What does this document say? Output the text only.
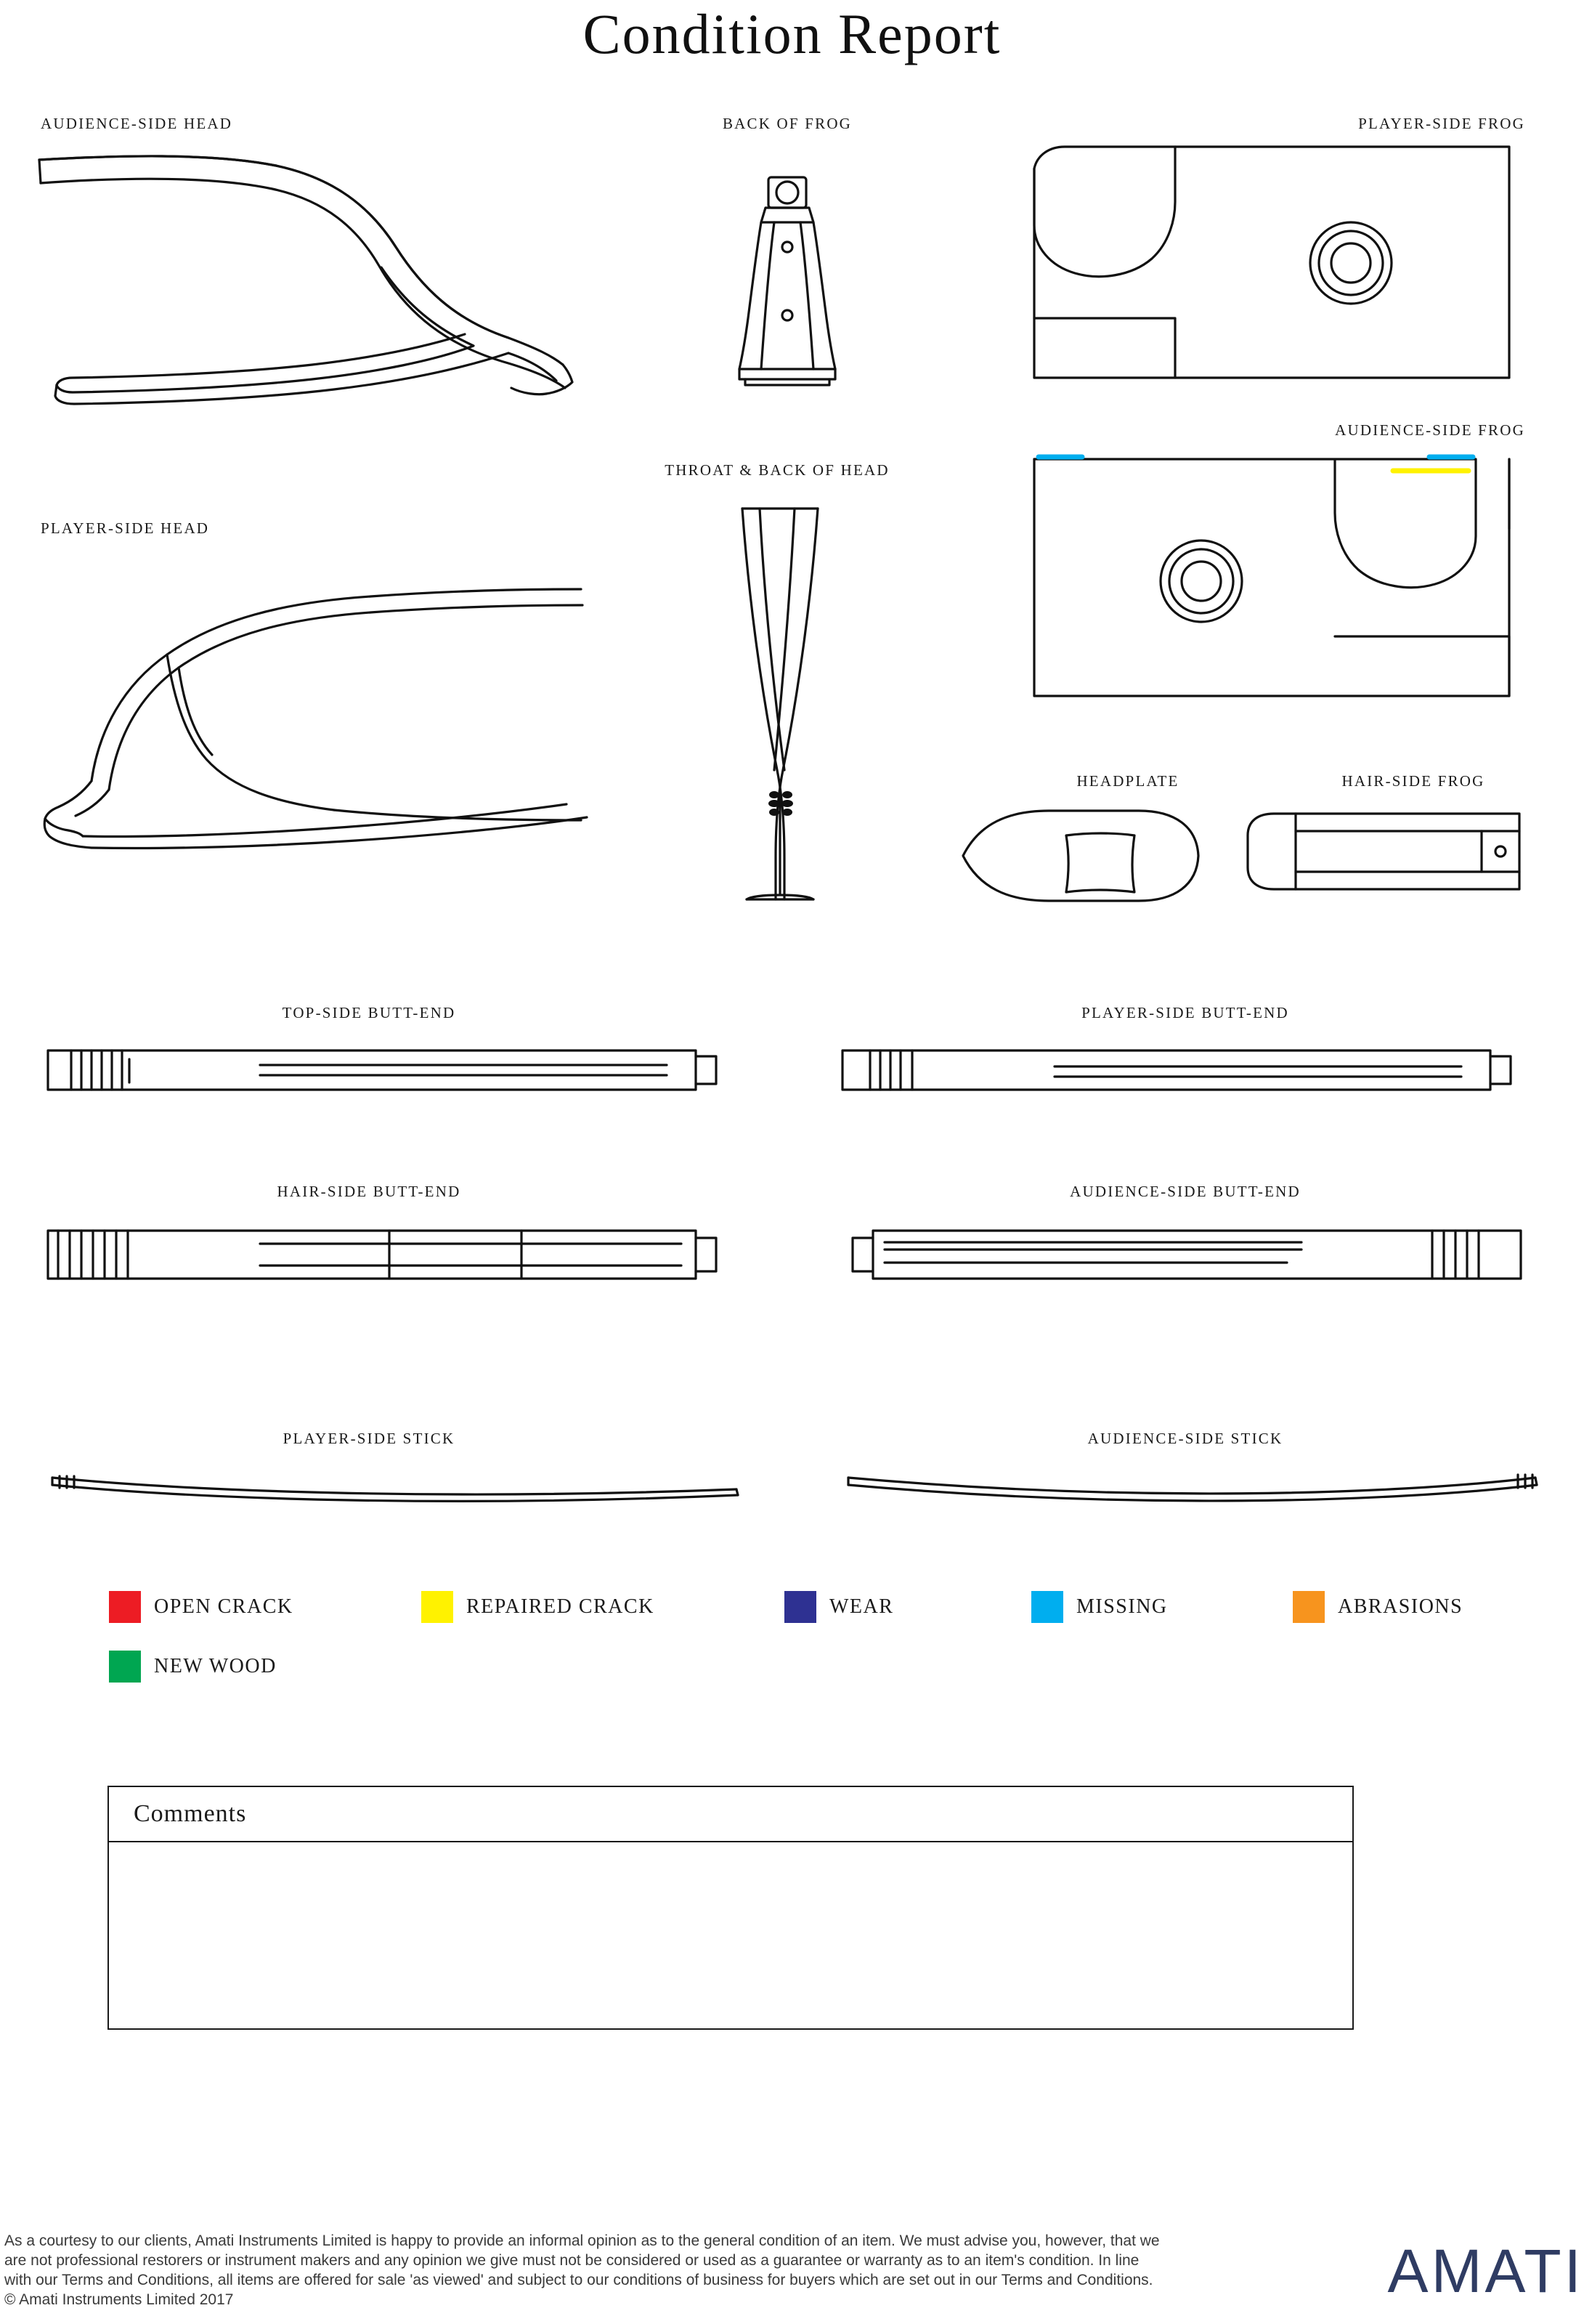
Condition Report
AUDIENCE-SIDE HEAD
PLAYER-SIDE HEAD
BACK OF FROG
THROAT & BACK OF HEAD
PLAYER-SIDE FROG
AUDIENCE-SIDE FROG
HEADPLATE	HAIR-SIDE FROG
TOP-SIDE BUTT-END	PLAYER-SIDE BUTT-END
HAIR-SIDE BUTT-END	AUDIENCE-SIDE BUTT-END
PLAYER-SIDE STICK	AUDIENCE-SIDE STICK
OPEN CRACK	REPAIRED CRACK	WEAR	MISSING	ABRASIONS
NEW WOOD
Comments
As a courtesy to our clients, Amati Instruments Limited is happy to provide an informal opinion as to the general condition of an item. We must advise you, however, that we are not professional restorers or instrument makers and any opinion we give must not be considered or used as a guarantee or warranty as to an item's condition. In line with our Terms and Conditions, all items are offered for sale 'as viewed' and subject to our conditions of business for buyers which are set out in our Terms and Conditions. © Amati Instruments Limited 2017	AMATI
